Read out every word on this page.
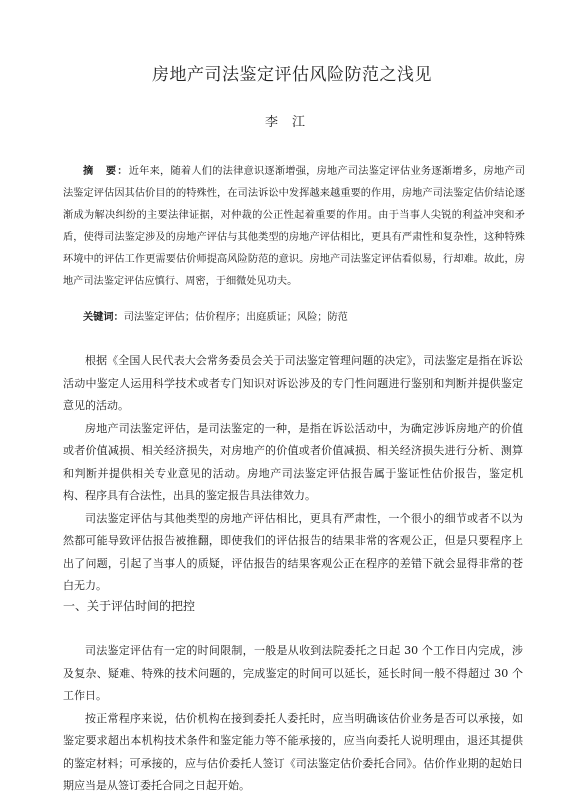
房地产司法鉴定评估风险防范之浅见
李江
摘　要：近年来，随着人们的法律意识逐渐增强，房地产司法鉴定评估业务逐渐增多，房地产司法鉴定评估因其估价目的的特殊性，在司法诉讼中发挥越来越重要的作用，房地产司法鉴定估价结论逐渐成为解决纠纷的主要法律证据，对仲裁的公正性起着重要的作用。由于当事人尖锐的利益冲突和矛盾，使得司法鉴定涉及的房地产评估与其他类型的房地产评估相比，更具有严肃性和复杂性，这种特殊环境中的评估工作更需要估价师提高风险防范的意识。房地产司法鉴定评估看似易，行却难。故此，房地产司法鉴定评估应慎行、周密，于细微处见功夫。
关键词：司法鉴定评估；估价程序；出庭质证；风险；防范

根据《全国人民代表大会常务委员会关于司法鉴定管理问题的决定》，司法鉴定是指在诉讼活动中鉴定人运用科学技术或者专门知识对诉讼涉及的专门性问题进行鉴别和判断并提供鉴定意见的活动。

房地产司法鉴定评估，是司法鉴定的一种，是指在诉讼活动中，为确定涉诉房地产的价值或者价值减损、相关经济损失，对房地产的价值或者价值减损、相关经济损失进行分析、测算和判断并提供相关专业意见的活动。房地产司法鉴定评估报告属于鉴证性估价报告，鉴定机构、程序具有合法性，出具的鉴定报告具法律效力。

司法鉴定评估与其他类型的房地产评估相比，更具有严肃性，一个很小的细节或者不以为然都可能导致评估报告被推翻，即使我们的评估报告的结果非常的客观公正，但是只要程序上出了问题，引起了当事人的质疑，评估报告的结果客观公正在程序的差错下就会显得非常的苍白无力。

一、关于评估时间的把控

司法鉴定评估有一定的时间限制，一般是从收到法院委托之日起 30 个工作日内完成，涉及复杂、疑难、特殊的技术问题的，完成鉴定的时间可以延长，延长时间一般不得超过 30 个工作日。

按正常程序来说，估价机构在接到委托人委托时，应当明确该估价业务是否可以承接，如鉴定要求超出本机构技术条件和鉴定能力等不能承接的，应当向委托人说明理由，退还其提供的鉴定材料；可承接的，应与估价委托人签订《司法鉴定估价委托合同》。估价作业期的起始日期应当是从签订委托合同之日起开始。
